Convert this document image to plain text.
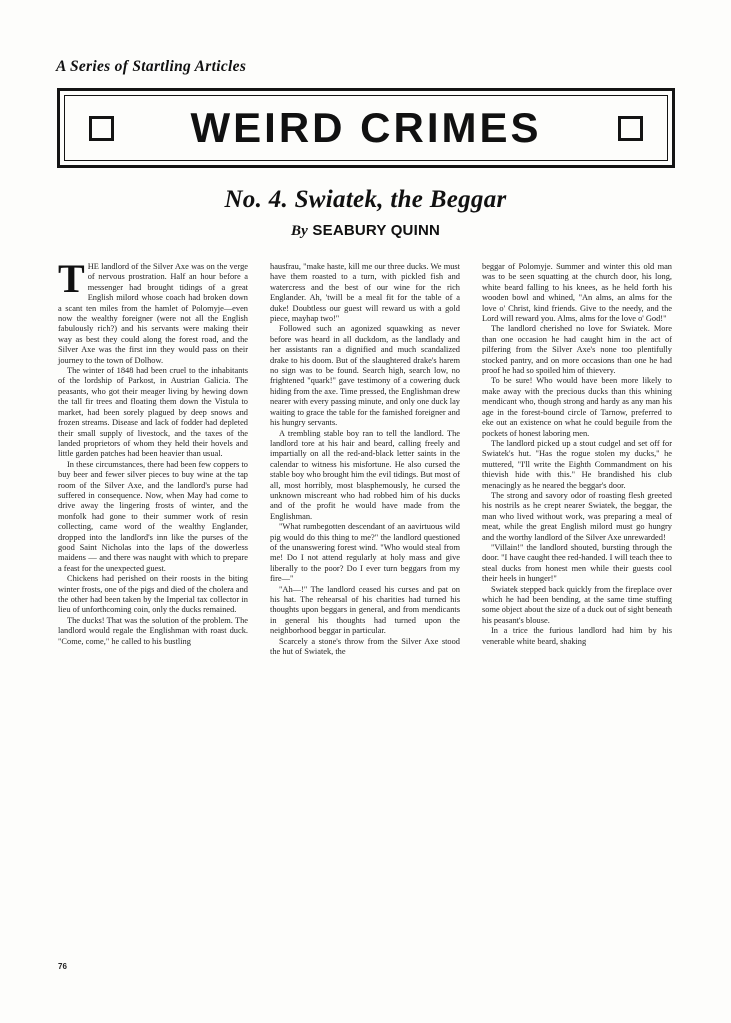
A Series of Startling Articles
WEIRD CRIMES
No. 4. Swiatek, the Beggar
By SEABURY QUINN

THE landlord of the Silver Axe was on the verge of nervous prostration. Half an hour before a messenger had brought tidings of a great English milord whose coach had broken down a scant ten miles from the hamlet of Polomyje—even now the wealthy foreigner (were not all the English fabulously rich?) and his servants were making their way as best they could along the forest road, and the Silver Axe was the first inn they would pass on their journey to the town of Dolhow.

The winter of 1848 had been cruel to the inhabitants of the lordship of Parkost, in Austrian Galicia. The peasants, who got their meager living by hewing down the tall fir trees and floating them down the Vistula to market, had been sorely plagued by deep snows and frozen streams. Disease and lack of fodder had depleted their small supply of livestock, and the taxes of the landed proprietors of whom they held their hovels and little garden patches had been heavier than usual.

In these circumstances, there had been few coppers to buy beer and fewer silver pieces to buy wine at the tap room of the Silver Axe, and the landlord's purse had suffered in consequence. Now, when May had come to drive away the lingering frosts of winter, and the monfolk had gone to their summer work of resin collecting, came word of the wealthy Englander, dropped into the landlord's inn like the purses of the good Saint Nicholas into the laps of the dowerless maidens — and there was naught with which to prepare a feast for the unexpected guest.

Chickens had perished on their roosts in the biting winter frosts, one of the pigs and died of the cholera and the other had been taken by the Imperial tax collector in lieu of unforthcoming coin, only the ducks remained.

The ducks! That was the solution of the problem. The landlord would regale the Englishman with roast duck. "Come, come," he called to his bustling

hausfrau, "make haste, kill me our three ducks. We must have them roasted to a turn, with pickled fish and watercress and the best of our wine for the rich Englander. Ah, 'twill be a meal fit for the table of a duke! Doubtless our guest will reward us with a gold piece, mayhap two!"

Followed such an agonized squawking as never before was heard in all duckdom, as the landlady and her assistants ran a dignified and much scandalized drake to his doom. But of the slaughtered drake's harem no sign was to be found. Search high, search low, no frightened "quark!" gave testimony of a cowering duck hiding from the axe. Time pressed, the Englishman drew nearer with every passing minute, and only one duck lay waiting to grace the table for the famished foreigner and his hungry servants.

A trembling stable boy ran to tell the landlord. The landlord tore at his hair and beard, calling freely and impartially on all the red-and-black letter saints in the calendar to witness his misfortune. He also cursed the stable boy who brought him the evil tidings. But most of all, most horribly, most blasphemously, he cursed the unknown miscreant who had robbed him of his ducks and of the profit he would have made from the Englishman.

"What rumbegotten descendant of an aavirtuous wild pig would do this thing to me?" the landlord questioned of the unanswering forest wind. "Who would steal from me! Do I not attend regularly at holy mass and give liberally to the poor? Do I ever turn beggars from my fire—"

"Ah—!" The landlord ceased his curses and pat on his hat. The rehearsal of his charities had turned his thoughts upon beggars in general, and from mendicants in general his thoughts had turned upon the neighborhood beggar in particular.

Scarcely a stone's throw from the Silver Axe stood the hut of Swiatek, the

beggar of Polomyje. Summer and winter this old man was to be seen squatting at the church door, his long, white beard falling to his knees, as he held forth his wooden bowl and whined, "An alms, an alms for the love o' Christ, kind friends. Give to the needy, and the Lord will reward you. Alms, alms for the love o' God!"

The landlord cherished no love for Swiatek. More than one occasion he had caught him in the act of pilfering from the Silver Axe's none too plentifully stocked pantry, and on more occasions than one he had proof he had so spoiled him of thievery.

To be sure! Who would have been more likely to make away with the precious ducks than this whining mendicant who, though strong and hardy as any man his age in the forest-bound circle of Tarnow, preferred to eke out an existence on what he could beguile from the pockets of honest laboring men.

The landlord picked up a stout cudgel and set off for Swiatek's hut. "Has the rogue stolen my ducks," he muttered, "I'll write the Eighth Commandment on his thievish hide with this." He brandished his club menacingly as he neared the beggar's door.

The strong and savory odor of roasting flesh greeted his nostrils as he crept nearer Swiatek, the beggar, the man who lived without work, was preparing a meal of meat, while the great English milord must go hungry and the worthy landlord of the Silver Axe unrewarded!

"Villain!" the landlord shouted, bursting through the door. "I have caught thee red-handed. I will teach thee to steal ducks from honest men while their guests cool their heels in hunger!"

Swiatek stepped back quickly from the fireplace over which he had been bending, at the same time stuffing some object about the size of a duck out of sight beneath his peasant's blouse.

In a trice the furious landlord had him by his venerable white beard, shaking

76
